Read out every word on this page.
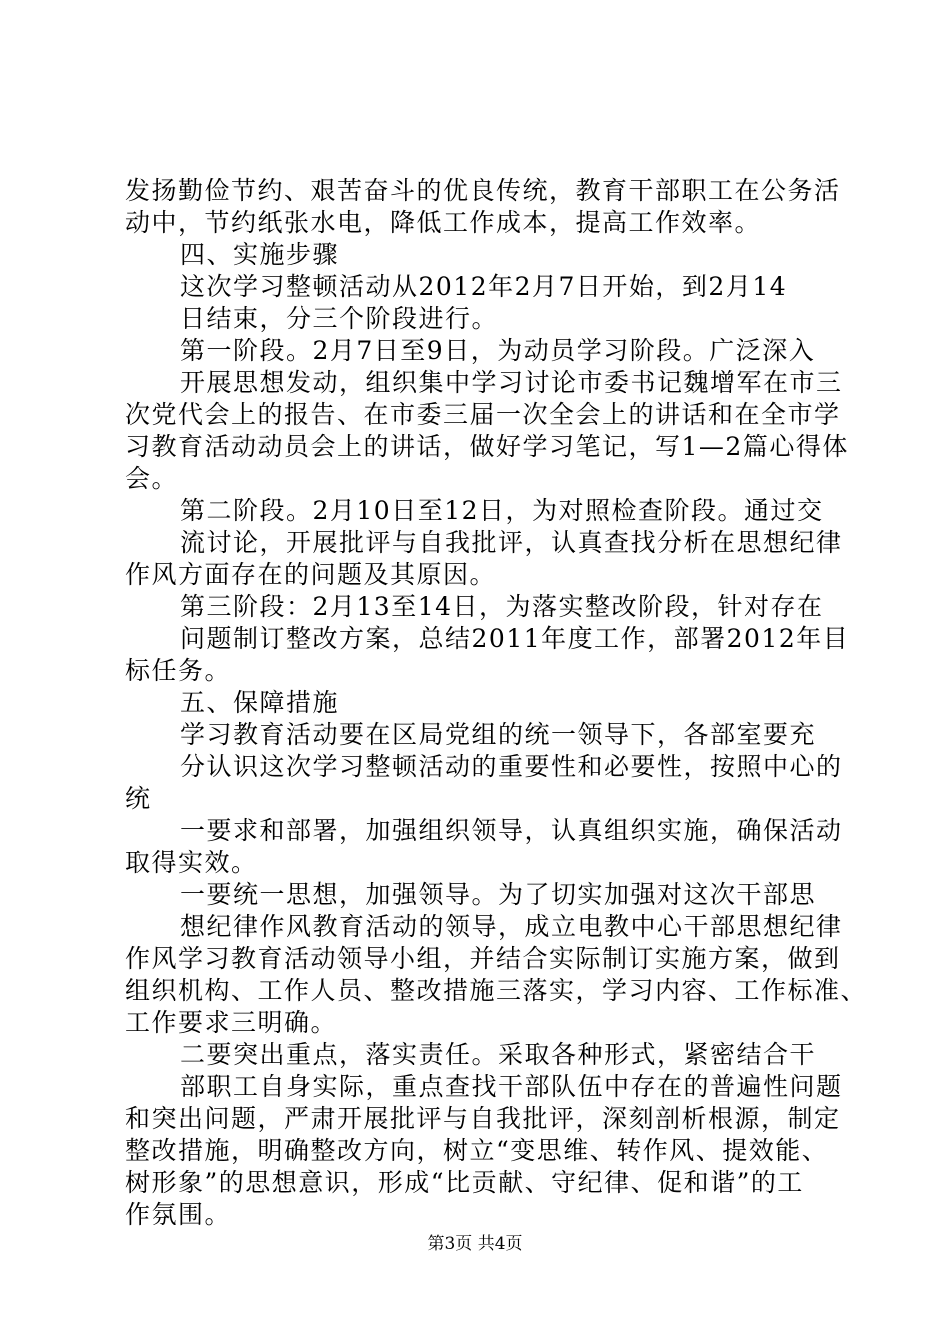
发扬勤俭节约、艰苦奋斗的优良传统，教育干部职工在公务活
动中，节约纸张水电，降低工作成本，提高工作效率。
四、实施步骤
这次学习整顿活动从2012年2月7日开始，到2月14
日结束，分三个阶段进行。
第一阶段。2月7日至9日，为动员学习阶段。广泛深入
开展思想发动，组织集中学习讨论市委书记魏增军在市三
次党代会上的报告、在市委三届一次全会上的讲话和在全市学
习教育活动动员会上的讲话，做好学习笔记，写1—2篇心得体
会。
第二阶段。2月10日至12日，为对照检查阶段。通过交
流讨论，开展批评与自我批评，认真查找分析在思想纪律
作风方面存在的问题及其原因。
第三阶段：2月13至14日，为落实整改阶段，针对存在
问题制订整改方案，总结2011年度工作，部署2012年目
标任务。
五、保障措施
学习教育活动要在区局党组的统一领导下，各部室要充
分认识这次学习整顿活动的重要性和必要性，按照中心的
统
一要求和部署，加强组织领导，认真组织实施，确保活动
取得实效。
一要统一思想，加强领导。为了切实加强对这次干部思
想纪律作风教育活动的领导，成立电教中心干部思想纪律
作风学习教育活动领导小组，并结合实际制订实施方案，做到
组织机构、工作人员、整改措施三落实，学习内容、工作标准、
工作要求三明确。
二要突出重点，落实责任。采取各种形式，紧密结合干
部职工自身实际，重点查找干部队伍中存在的普遍性问题
和突出问题，严肃开展批评与自我批评，深刻剖析根源，制定
整改措施，明确整改方向，树立“变思维、转作风、提效能、
树形象”的思想意识，形成“比贡献、守纪律、促和谐”的工
作氛围。
第3页 共4页
